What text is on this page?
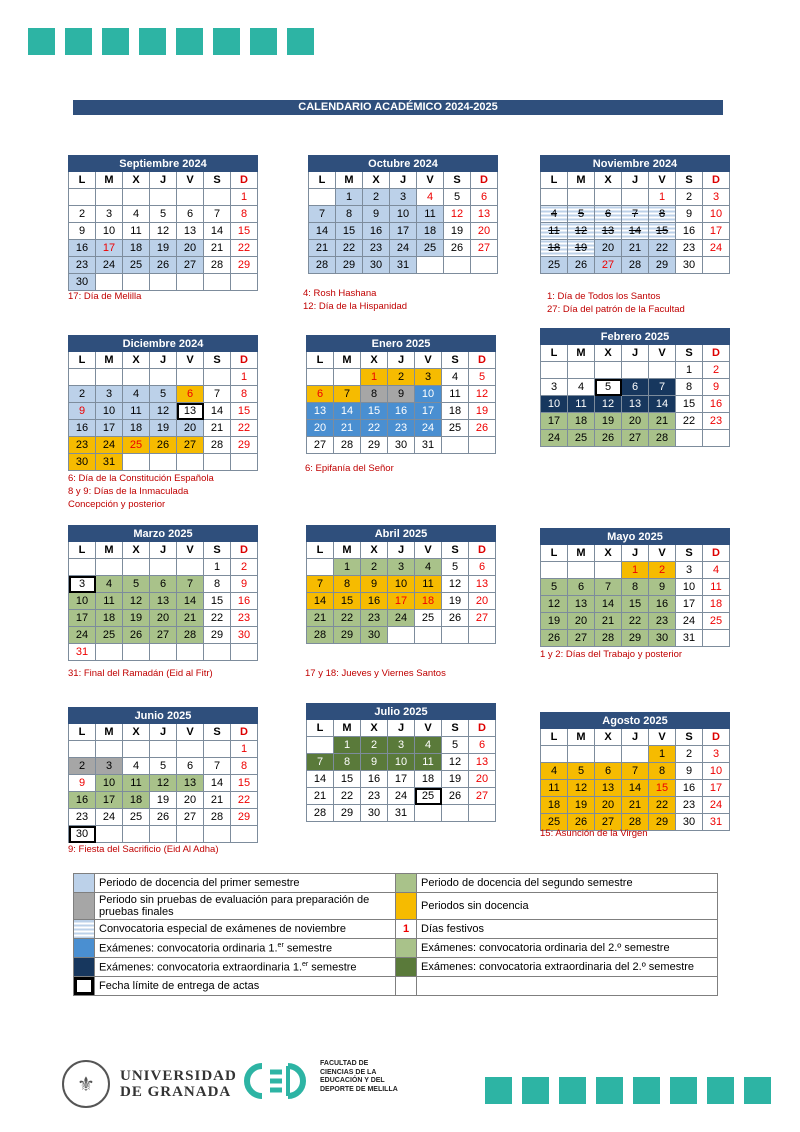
CALENDARIO ACADÉMICO 2024-2025
Septiembre 2024						
L	M	X	J	V	S	D
						1
2	3	4	5	6	7	8
9	10	11	12	13	14	15
16	17	18	19	20	21	22
23	24	25	26	27	28	29
30						
17: Día de Melilla
Octubre 2024						
L	M	X	J	V	S	D
	1	2	3	4	5	6
7	8	9	10	11	12	13
14	15	16	17	18	19	20
21	22	23	24	25	26	27
28	29	30	31			
4: Rosh Hashana
12: Día de la Hispanidad
Noviembre 2024						
L	M	X	J	V	S	D
				1	2	3
4	5	6	7	8	9	10
11	12	13	14	15	16	17
18	19	20	21	22	23	24
25	26	27	28	29	30	
1: Día de Todos los Santos
27: Día del patrón de la Facultad
Diciembre 2024						
L	M	X	J	V	S	D
						1
2	3	4	5	6	7	8
9	10	11	12	13	14	15
16	17	18	19	20	21	22
23	24	25	26	27	28	29
30	31					
6: Día de la Constitución Española
8 y 9: Días de la Inmaculada
Concepción y posterior
Enero 2025						
L	M	X	J	V	S	D
		1	2	3	4	5
6	7	8	9	10	11	12
13	14	15	16	17	18	19
20	21	22	23	24	25	26
27	28	29	30	31		
6: Epifanía del Señor
Febrero 2025						
L	M	X	J	V	S	D
					1	2
3	4	5	6	7	8	9
10	11	12	13	14	15	16
17	18	19	20	21	22	23
24	25	26	27	28		
Marzo 2025						
L	M	X	J	V	S	D
					1	2
3	4	5	6	7	8	9
10	11	12	13	14	15	16
17	18	19	20	21	22	23
24	25	26	27	28	29	30
31						
31: Final del Ramadán (Eid al Fitr)
Abril 2025						
L	M	X	J	V	S	D
	1	2	3	4	5	6
7	8	9	10	11	12	13
14	15	16	17	18	19	20
21	22	23	24	25	26	27
28	29	30				
17 y 18: Jueves y Viernes Santos
Mayo 2025						
L	M	X	J	V	S	D
			1	2	3	4
5	6	7	8	9	10	11
12	13	14	15	16	17	18
19	20	21	22	23	24	25
26	27	28	29	30	31	
1 y 2: Días del Trabajo y posterior
Junio 2025						
L	M	X	J	V	S	D
						1
2	3	4	5	6	7	8
9	10	11	12	13	14	15
16	17	18	19	20	21	22
23	24	25	26	27	28	29
30						
9: Fiesta del Sacrificio (Eid Al Adha)
Julio 2025						
L	M	X	J	V	S	D
	1	2	3	4	5	6
7	8	9	10	11	12	13
14	15	16	17	18	19	20
21	22	23	24	25	26	27
28	29	30	31			
Agosto 2025						
L	M	X	J	V	S	D
				1	2	3
4	5	6	7	8	9	10
11	12	13	14	15	16	17
18	19	20	21	22	23	24
25	26	27	28	29	30	31
15: Asunción de la Virgen
	Periodo de docencia del primer semestre		Periodo de docencia del segundo semestre
	Periodo sin pruebas de evaluación para preparación de pruebas finales		Periodos sin docencia
	Convocatoria especial de exámenes de noviembre	1	Días festivos
	Exámenes: convocatoria ordinaria 1.$^{er}$ semestre		Exámenes: convocatoria ordinaria del 2.º semestre
	Exámenes: convocatoria extraordinaria 1.$^{er}$ semestre		Exámenes: convocatoria extraordinaria del 2.º semestre
	Fecha límite de entrega de actas		
⚜	UNIVERSIDAD
DE GRANADA
FACULTAD DE CIENCIAS DE LA EDUCACIÓN Y DEL DEPORTE DE MELILLA
